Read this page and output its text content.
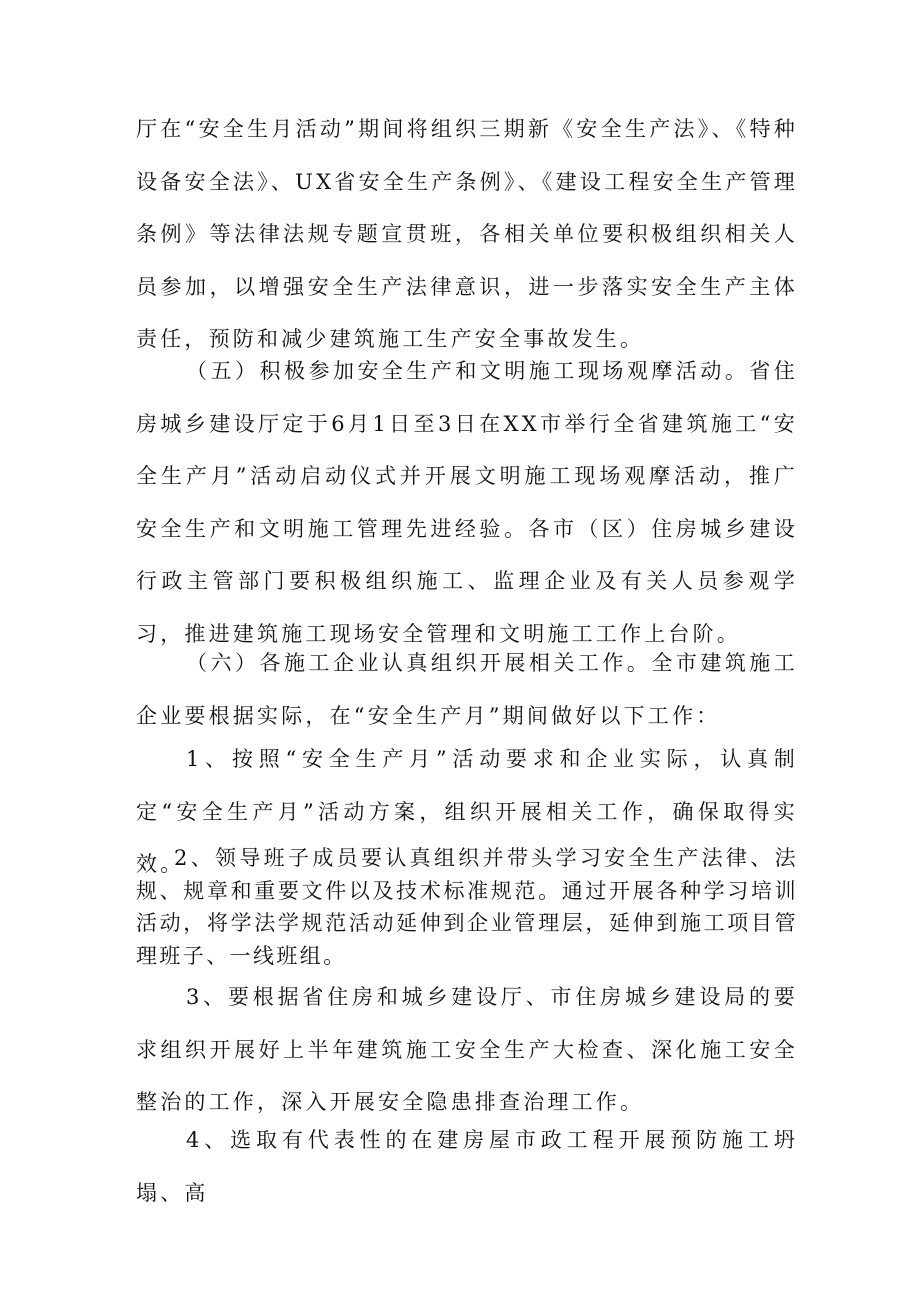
厅在“安全生月活动”期间将组织三期新《安全生产法》、《特种设备安全法》、UX省安全生产条例》、《建设工程安全生产管理条例》等法律法规专题宣贯班，各相关单位要积极组织相关人员参加，以增强安全生产法律意识，进一步落实安全生产主体责任，预防和减少建筑施工生产安全事故发生。

（五）积极参加安全生产和文明施工现场观摩活动。省住房城乡建设厅定于6月1日至3日在XX市举行全省建筑施工“安全生产月”活动启动仪式并开展文明施工现场观摩活动，推广安全生产和文明施工管理先进经验。各市（区）住房城乡建设行政主管部门要积极组织施工、监理企业及有关人员参观学习，推进建筑施工现场安全管理和文明施工工作上台阶。

（六）各施工企业认真组织开展相关工作。全市建筑施工企业要根据实际，在“安全生产月”期间做好以下工作：

1、按照“安全生产月”活动要求和企业实际，认真制定“安全生产月”活动方案，组织开展相关工作，确保取得实效。

2、领导班子成员要认真组织并带头学习安全生产法律、法规、规章和重要文件以及技术标准规范。通过开展各种学习培训活动，将学法学规范活动延伸到企业管理层，延伸到施工项目管理班子、一线班组。

3、要根据省住房和城乡建设厅、市住房城乡建设局的要求组织开展好上半年建筑施工安全生产大检查、深化施工安全整治的工作，深入开展安全隐患排查治理工作。

4、选取有代表性的在建房屋市政工程开展预防施工坍塌、高
